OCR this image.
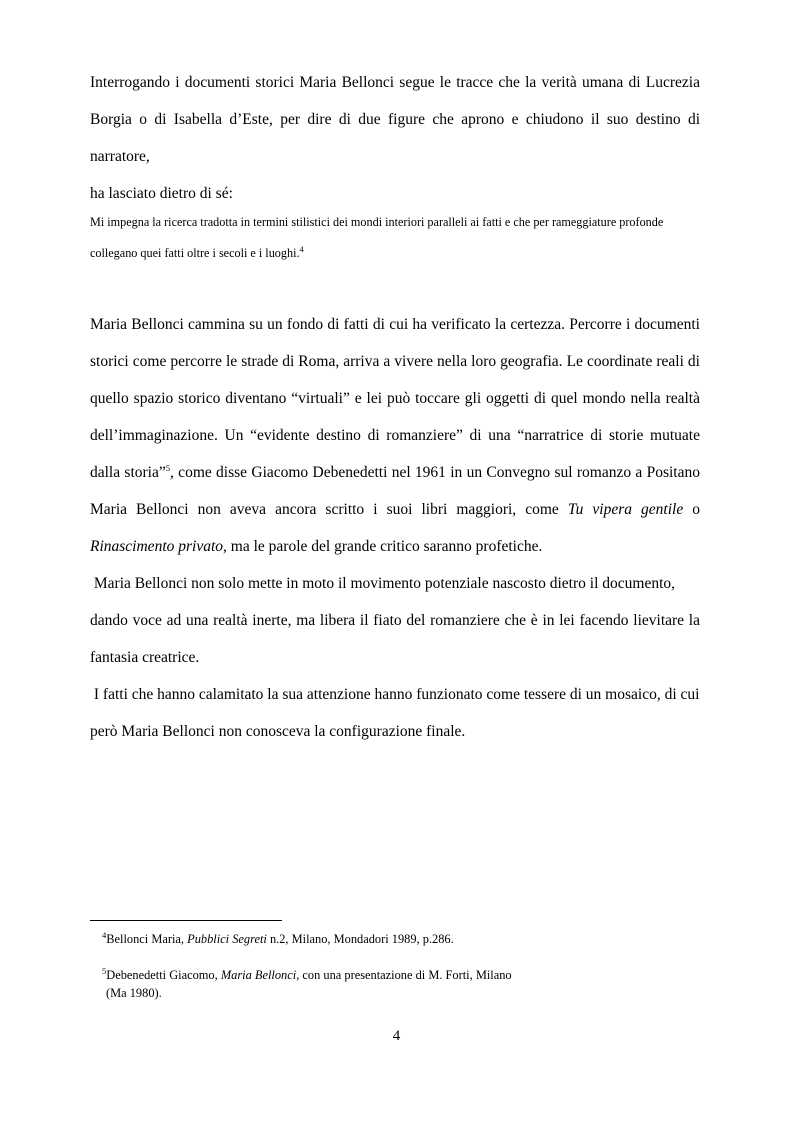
Interrogando i documenti storici Maria Bellonci segue le tracce che la verità umana di Lucrezia
Borgia o di Isabella d’Este, per dire di due figure che aprono e chiudono il suo destino di narratore,
ha lasciato dietro di sé:

Mi impegna la ricerca tradotta in termini stilistici dei mondi interiori paralleli ai fatti e che per rameggiature profonde
collegano quei fatti oltre i secoli e i luoghi.$^4$

Maria Bellonci cammina su un fondo di fatti di cui ha verificato la certezza. Percorre i documenti
storici come percorre le strade di Roma, arriva a vivere nella loro geografia. Le coordinate reali di
quello spazio storico diventano “virtuali” e lei può toccare gli oggetti di quel mondo nella realtà
dell’immaginazione. Un “evidente destino di romanziere” di una “narratrice di storie mutuate
dalla storia”$^5$, come disse Giacomo Debenedetti nel 1961 in un Convegno sul romanzo a Positano
Maria Bellonci non aveva ancora scritto i suoi libri maggiori, come Tu vipera gentile o
Rinascimento privato, ma le parole del grande critico saranno profetiche.
Maria Bellonci non solo mette in moto il movimento potenziale nascosto dietro il documento,
dando voce ad una realtà inerte, ma libera il fiato del romanziere che è in lei facendo lievitare la
fantasia creatrice.
I fatti che hanno calamitato la sua attenzione hanno funzionato come tessere di un mosaico, di cui
però Maria Bellonci non conosceva la configurazione finale.

$^4$Bellonci Maria, Pubblici Segreti n.2, Milano, Mondadori 1989, p.286.

$^5$Debenedetti Giacomo, Maria Bellonci, con una presentazione di M. Forti, Milano
(Ma 1980).

4
